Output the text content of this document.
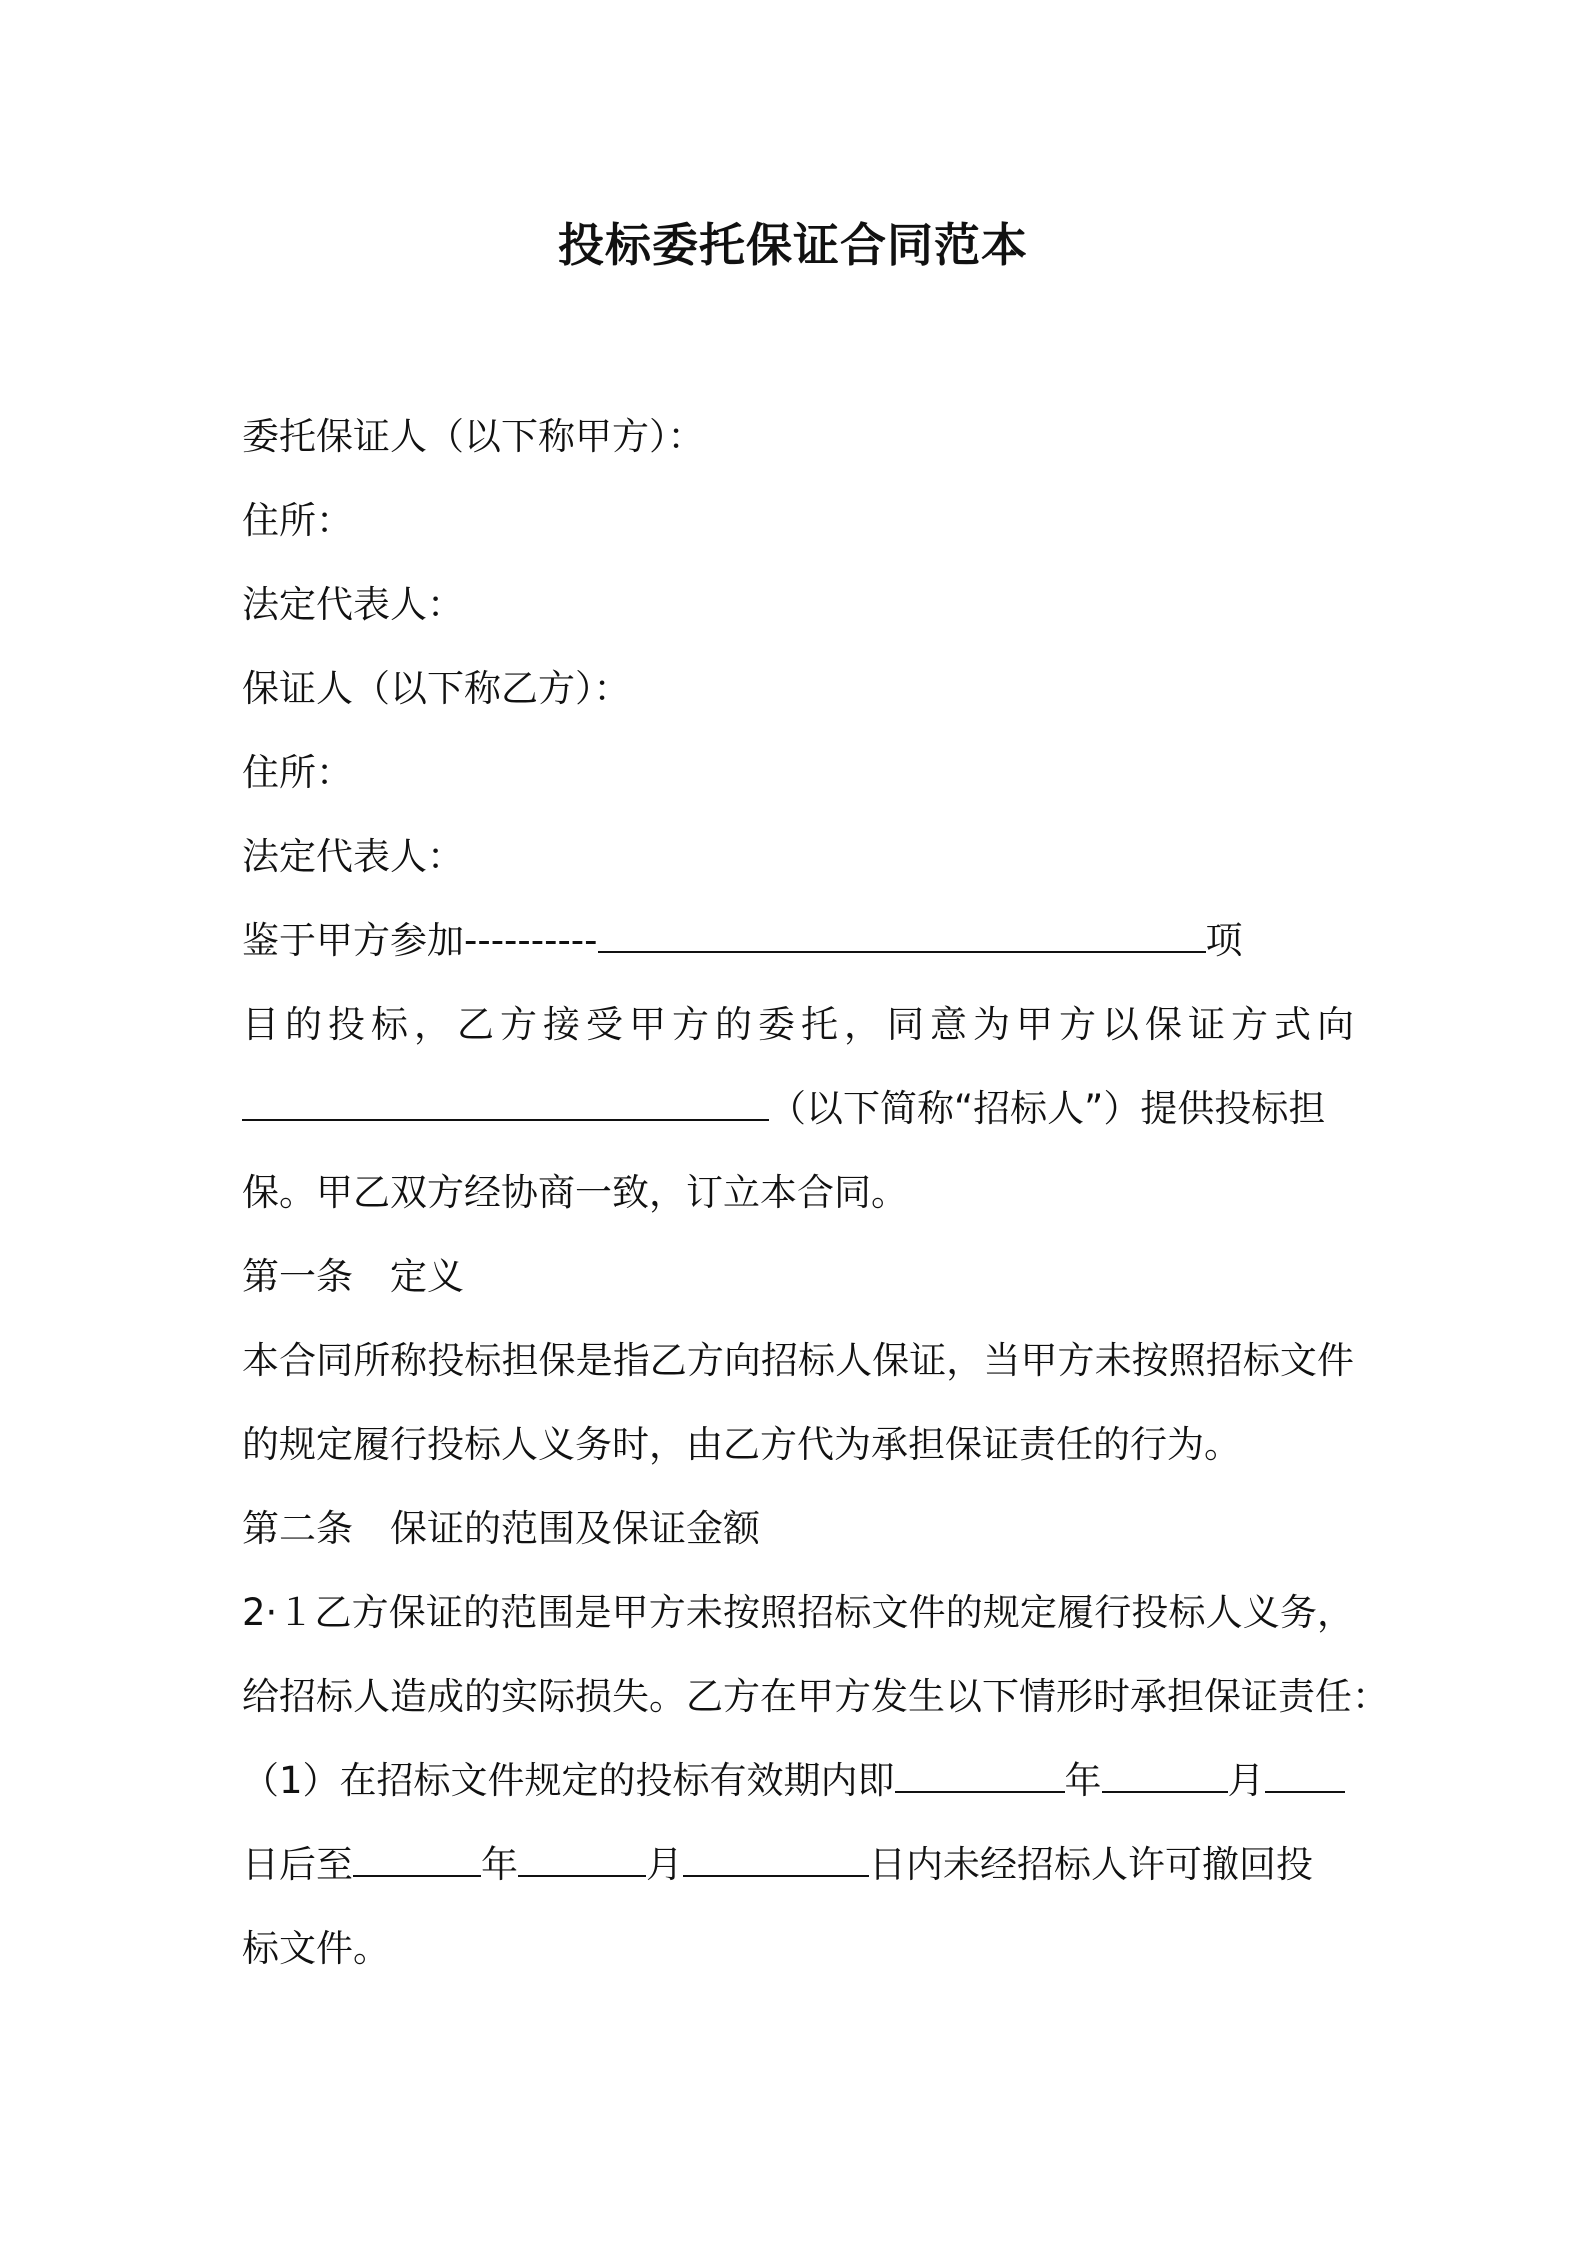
投标委托保证合同范本
委托保证人（以下称甲方）：
住所：
法定代表人：
保证人（以下称乙方）：
住所：
法定代表人：
鉴于甲方参加----------	项
目的投标，乙方接受甲方的委托，同意为甲方以保证方式向
（以下简称“招标人”）提供投标担
保。甲乙双方经协商一致，订立本合同。
第一条　定义
本合同所称投标担保是指乙方向招标人保证，当甲方未按照招标文件
的规定履行投标人义务时，由乙方代为承担保证责任的行为。
第二条　保证的范围及保证金额
2·１乙方保证的范围是甲方未按照招标文件的规定履行投标人义务，
给招标人造成的实际损失。乙方在甲方发生以下情形时承担保证责任：
（1）在招标文件规定的投标有效期内即	年	月
日后至	年	月	日内未经招标人许可撤回投
标文件。
